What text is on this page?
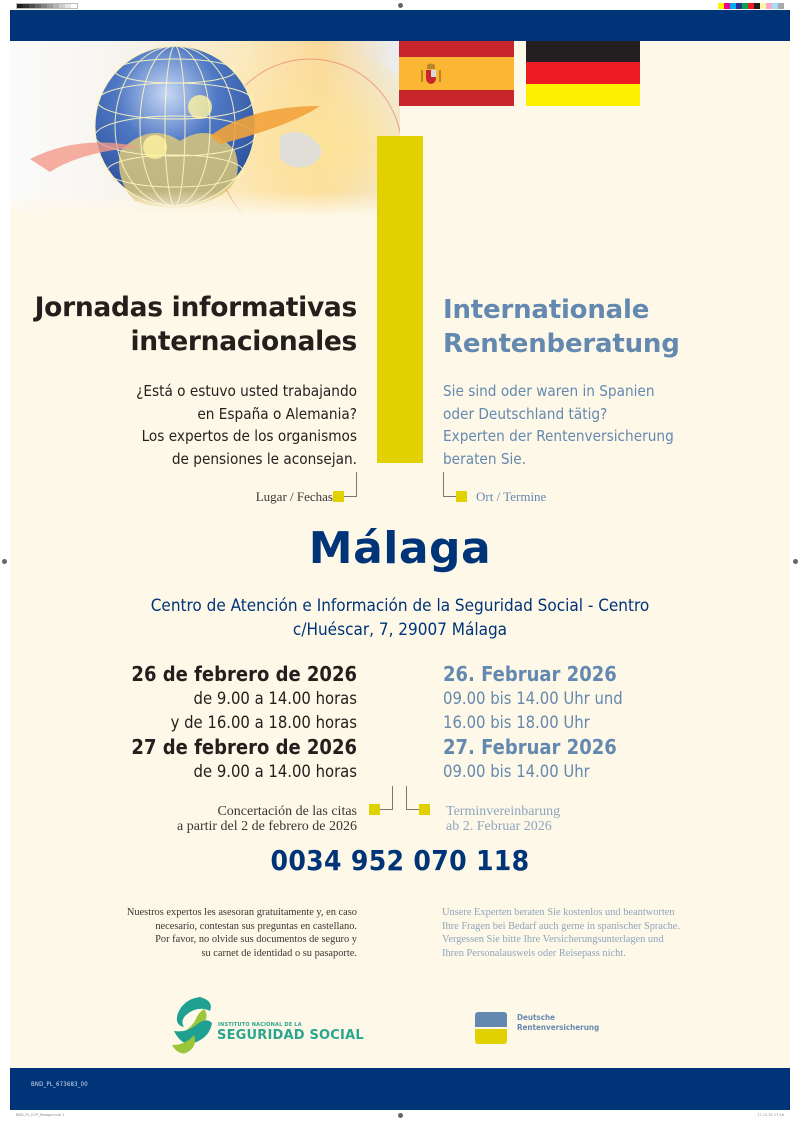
Jornadas informativas
internacionales
Internationale
Rentenberatung
¿Está o estuvo usted trabajando
en España o Alemania?
Los expertos de los organismos
de pensiones le aconsejan.
Sie sind oder waren in Spanien
oder Deutschland tätig?
Experten der Rentenversicherung
beraten Sie.
Lugar / Fechas	Ort / Termine
Málaga
Centro de Atención e Información de la Seguridad Social - Centro
c/Huéscar, 7, 29007 Málaga
26 de febrero de 2026
de 9.00 a 14.00 horas
y de 16.00 a 18.00 horas
27 de febrero de 2026
de 9.00 a 14.00 horas
26. Februar 2026
09.00 bis 14.00 Uhr und
16.00 bis 18.00 Uhr
27. Februar 2026
09.00 bis 14.00 Uhr
Concertación de las citas
a partir del 2 de febrero de 2026
Terminvereinbarung
ab 2. Februar 2026
0034 952 070 118
Nuestros expertos les asesoran gratuitamente y, en caso
necesario, contestan sus preguntas en castellano.
Por favor, no olvide sus documentos de seguro y
su carnet de identidad o su pasaporte.
Unsere Experten beraten Sie kostenlos und beantworten
Ihre Fragen bei Bedarf auch gerne in spanischer Sprache.
Vergessen Sie bitte Ihre Versicherungsunterlagen und
Ihren Personalausweis oder Reisepass nicht.
INSTITUTO NACIONAL DE LA
SEGURIDAD SOCIAL
Deutsche
Rentenversicherung
BND_PL_673683_00
BND_PL_E2P_Malaga.indd 1	17.12.25 17:16
